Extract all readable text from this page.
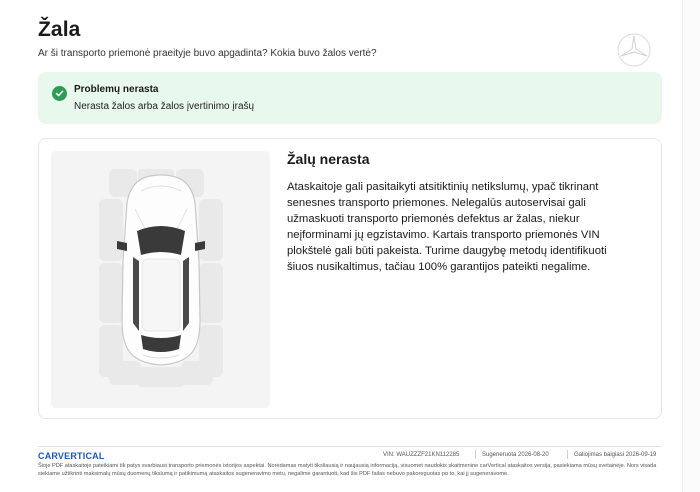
Žala

Ar ši transporto priemonė praeityje buvo apgadinta? Kokia buvo žalos vertė?

Problemų nerasta
Nerasta žalos arba žalos įvertinimo įrašų
Žalų nerasta

Ataskaitoje gali pasitaikyti atsitiktinių netikslumų, ypač tikrinant senesnes transporto priemones. Nelegalūs autoservisai gali užmaskuoti transporto priemonės defektus ar žalas, niekur neįforminami jų egzistavimo. Kartais transporto priemonės VIN plokštelė gali būti pakeista. Turime daugybę metodų identifikuoti šiuos nusikaltimus, tačiau 100% garantijos pateikti negalime.

CARVERTICAL	VIN: WAUZZZF21KN112285	Sugeneruota 2026-08-20	Galiojimas baigiasi 2026-09-19

Šioje PDF ataskaitoje pateikiami tik patys svarbiausi transporto priemonės istorijos aspektai. Norėdamas matyti tiksliausią ir naujausią informaciją, visuomet naudokis skaitmenine carVertical ataskaitos versija, pasiekiama mūsų svetainėje. Nors visada siekiame užtikrinti maksimalų mūsų duomenų tikslumą ir patikimumą ataskaitos sugeneravimo metu, negalime garantuoti, kad šis PDF failas nebuvo pakoreguotas po to, kai jį sugeneravome.
